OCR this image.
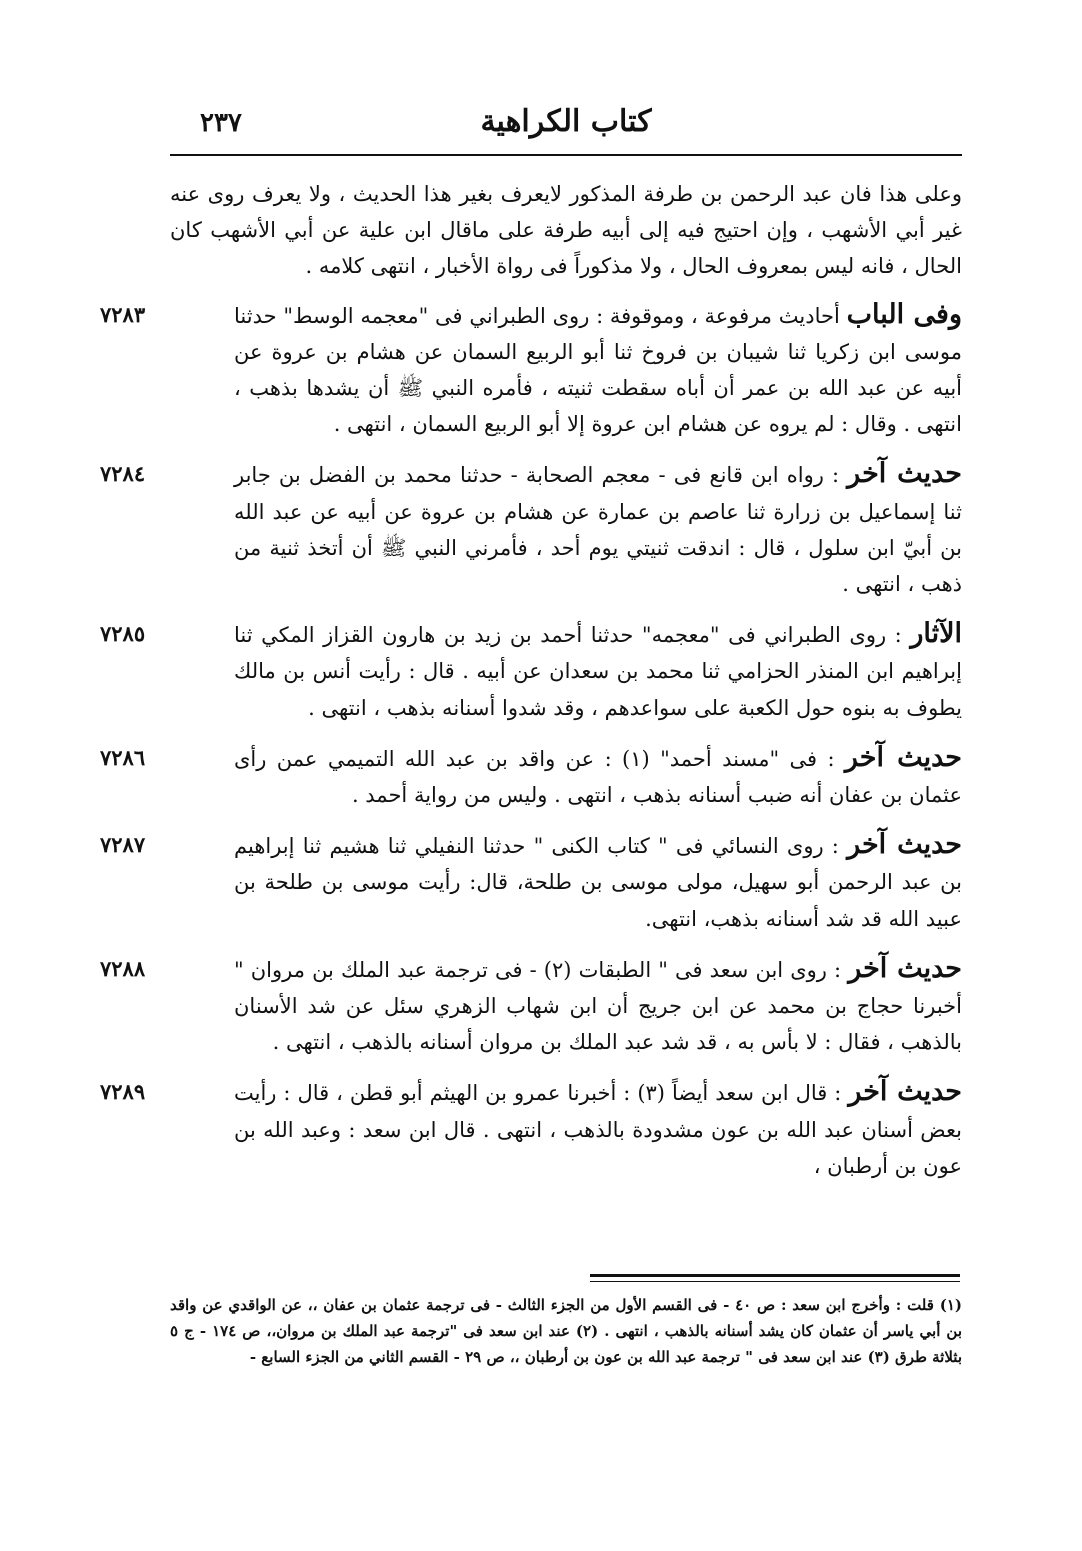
كتاب الكراهية
٢٣٧

وعلى هذا فان عبد الرحمن بن طرفة المذكور لايعرف بغير هذا الحديث ، ولا يعرف روى عنه غير أبي الأشهب ، وإن احتيج فيه إلى أبيه طرفة على ماقال ابن علية عن أبي الأشهب كان الحال ، فانه ليس بمعروف الحال ، ولا مذكوراً فى رواة الأخبار ، انتهى كلامه .

٧٢٨٣	وفى الباب أحاديث مرفوعة ، وموقوفة : روى الطبراني فى "معجمه الوسط" حدثنا موسى ابن زكريا ثنا شيبان بن فروخ ثنا أبو الربيع السمان عن هشام بن عروة عن أبيه عن عبد الله بن عمر أن أباه سقطت ثنيته ، فأمره النبي ﷺ أن يشدها بذهب ، انتهى . وقال : لم يروه عن هشام ابن عروة إلا أبو الربيع السمان ، انتهى .

٧٢٨٤	حديث آخر : رواه ابن قانع فى - معجم الصحابة - حدثنا محمد بن الفضل بن جابر ثنا إسماعيل بن زرارة ثنا عاصم بن عمارة عن هشام بن عروة عن أبيه عن عبد الله بن أبيّ ابن سلول ، قال : اندقت ثنيتي يوم أحد ، فأمرني النبي ﷺ أن أتخذ ثنية من ذهب ، انتهى .

٧٢٨٥	الآثار : روى الطبراني فى "معجمه" حدثنا أحمد بن زيد بن هارون القزاز المكي ثنا إبراهيم ابن المنذر الحزامي ثنا محمد بن سعدان عن أبيه . قال : رأيت أنس بن مالك يطوف به بنوه حول الكعبة على سواعدهم ، وقد شدوا أسنانه بذهب ، انتهى .

٧٢٨٦	حديث آخر : فى "مسند أحمد" (١) : عن واقد بن عبد الله التميمي عمن رأى عثمان بن عفان أنه ضبب أسنانه بذهب ، انتهى . وليس من رواية أحمد .

٧٢٨٧	حديث آخر : روى النسائي فى " كتاب الكنى " حدثنا النفيلي ثنا هشيم ثنا إبراهيم بن عبد الرحمن أبو سهيل، مولى موسى بن طلحة، قال: رأيت موسى بن طلحة بن عبيد الله قد شد أسنانه بذهب، انتهى.

٧٢٨٨	حديث آخر : روى ابن سعد فى " الطبقات (٢) - فى ترجمة عبد الملك بن مروان " أخبرنا حجاج بن محمد عن ابن جريج أن ابن شهاب الزهري سئل عن شد الأسنان بالذهب ، فقال : لا بأس به ، قد شد عبد الملك بن مروان أسنانه بالذهب ، انتهى .

٧٢٨٩	حديث آخر : قال ابن سعد أيضاً (٣) : أخبرنا عمرو بن الهيثم أبو قطن ، قال : رأيت بعض أسنان عبد الله بن عون مشدودة بالذهب ، انتهى . قال ابن سعد : وعبد الله بن عون بن أرطبان ،

(١) قلت : وأخرج ابن سعد : ص ٤٠ - فى القسم الأول من الجزء الثالث - فى ترجمة عثمان بن عفان ،، عن الواقدي عن واقد بن أبي ياسر أن عثمان كان يشد أسنانه بالذهب ، انتهى . (٢) عند ابن سعد فى "ترجمة عبد الملك بن مروان،، ص ١٧٤ - ج ٥ بثلاثة طرق (٣) عند ابن سعد فى " ترجمة عبد الله بن عون بن أرطبان ،، ص ٢٩ - القسم الثاني من الجزء السابع -
